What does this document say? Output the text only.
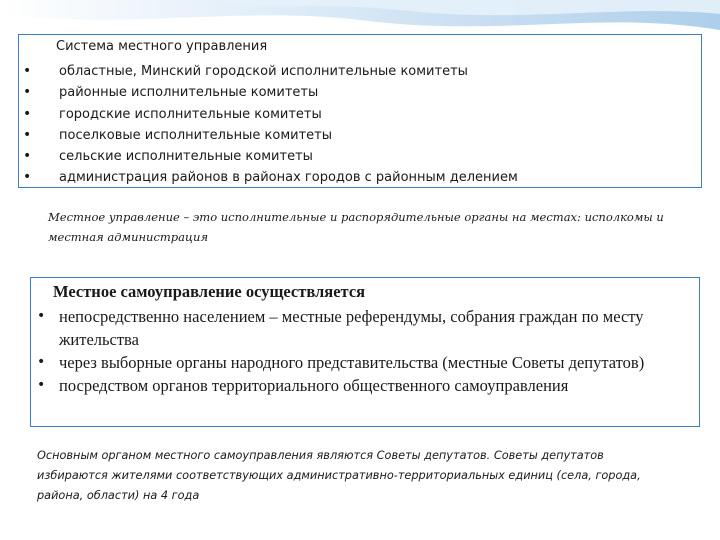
Система местного управления
• областные, Минский городской исполнительные комитеты
• районные исполнительные комитеты
• городские исполнительные комитеты
• поселковые исполнительные комитеты
• сельские исполнительные комитеты
• администрация районов в районах городов с районным делением
Местное управление – это исполнительные и распорядительные органы на местах: исполкомы и местная администрация
Местное самоуправление осуществляется
• непосредственно населением – местные референдумы, собрания граждан по месту жительства
• через выборные органы народного представительства (местные Советы депутатов)
• посредством органов территориального общественного самоуправления
Основным органом местного самоуправления являются Советы депутатов. Советы депутатов избираются жителями соответствующих административно-территориальных единиц (села, города, района, области) на 4 года
